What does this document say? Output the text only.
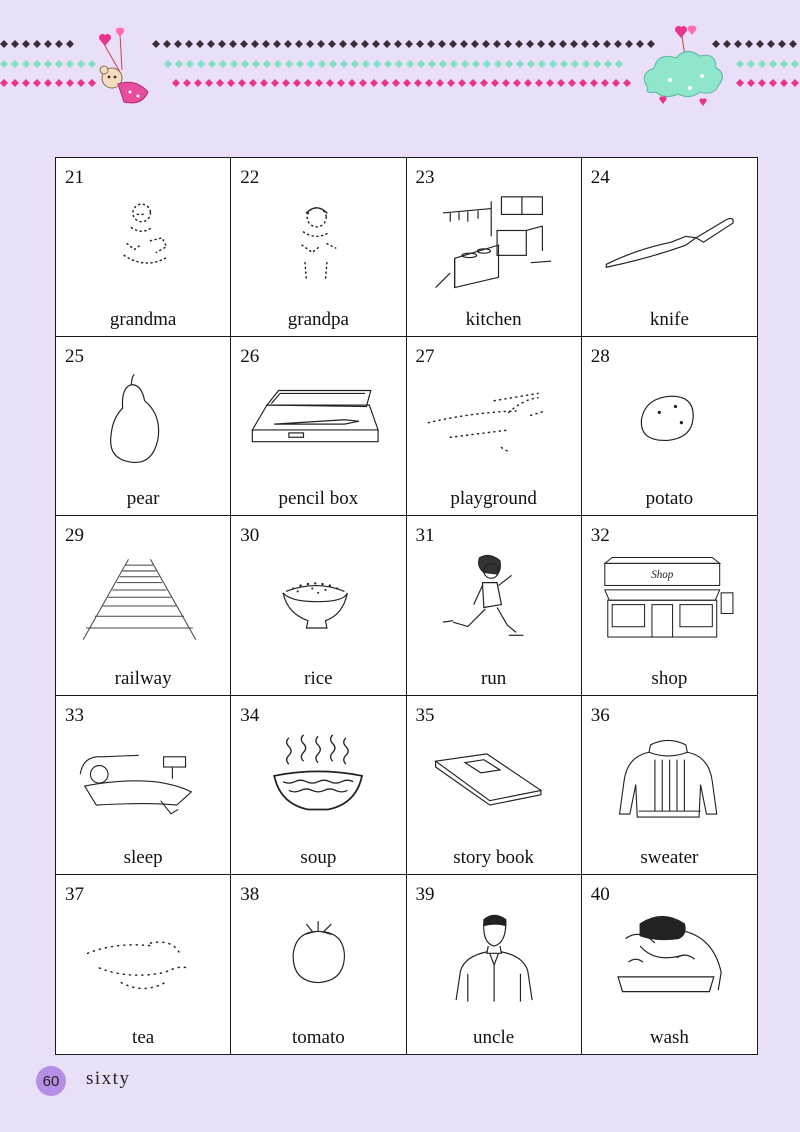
21
grandma
22
grandpa
23
kitchen
24
knife
25
pear
26
pencil box
27
playground
28
potato
29
railway
30
rice
31
run
32
Shop
shop
33
sleep
34
soup
35
story book
36
sweater
37
tea
38
tomato
39
uncle
40
wash
60	sixty
